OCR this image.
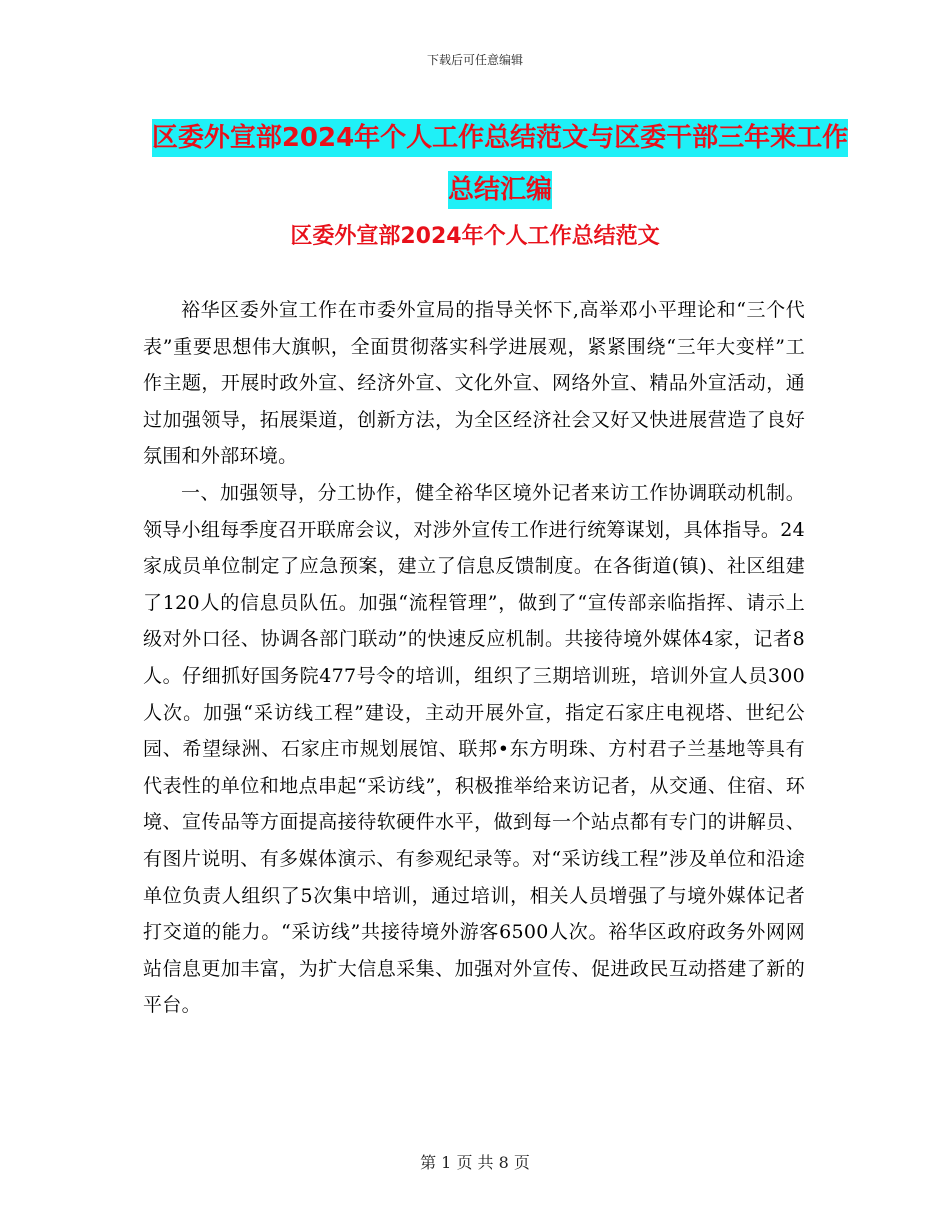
下载后可任意编辑
区委外宣部2024年个人工作总结范文与区委干部三年来工作总结汇编
区委外宣部2024年个人工作总结范文

裕华区委外宣工作在市委外宣局的指导关怀下,高举邓小平理论和“三个代表”重要思想伟大旗帜，全面贯彻落实科学进展观，紧紧围绕“三年大变样”工作主题，开展时政外宣、经济外宣、文化外宣、网络外宣、精品外宣活动，通过加强领导，拓展渠道，创新方法，为全区经济社会又好又快进展营造了良好氛围和外部环境。

一、加强领导，分工协作，健全裕华区境外记者来访工作协调联动机制。领导小组每季度召开联席会议，对涉外宣传工作进行统筹谋划，具体指导。24家成员单位制定了应急预案，建立了信息反馈制度。在各街道(镇)、社区组建了120人的信息员队伍。加强“流程管理”，做到了“宣传部亲临指挥、请示上级对外口径、协调各部门联动”的快速反应机制。共接待境外媒体4家，记者8人。仔细抓好国务院477号令的培训，组织了三期培训班，培训外宣人员300人次。加强“采访线工程”建设，主动开展外宣，指定石家庄电视塔、世纪公园、希望绿洲、石家庄市规划展馆、联邦•东方明珠、方村君子兰基地等具有代表性的单位和地点串起“采访线”，积极推举给来访记者，从交通、住宿、环境、宣传品等方面提高接待软硬件水平，做到每一个站点都有专门的讲解员、有图片说明、有多媒体演示、有参观纪录等。对“采访线工程”涉及单位和沿途单位负责人组织了5次集中培训，通过培训，相关人员增强了与境外媒体记者打交道的能力。“采访线”共接待境外游客6500人次。裕华区政府政务外网网站信息更加丰富，为扩大信息采集、加强对外宣传、促进政民互动搭建了新的平台。

第 1 页 共 8 页
